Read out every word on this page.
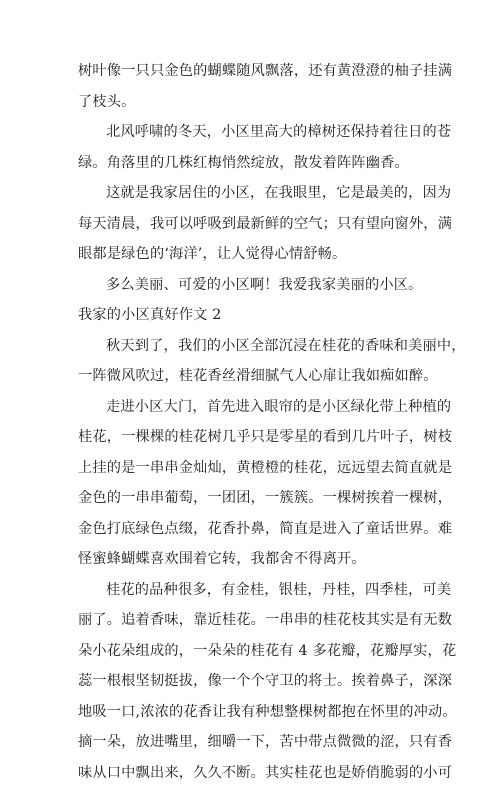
树叶像一只只金色的蝴蝶随风飘落，还有黄澄澄的柚子挂满
了枝头。
北风呼啸的冬天，小区里高大的樟树还保持着往日的苍
绿。角落里的几株红梅悄然绽放，散发着阵阵幽香。
这就是我家居住的小区，在我眼里，它是最美的，因为
每天清晨，我可以呼吸到最新鲜的空气；只有望向窗外，满
眼都是绿色的‘海洋’，让人觉得心情舒畅。
多么美丽、可爱的小区啊！我爱我家美丽的小区。
我家的小区真好作文 2
秋天到了，我们的小区全部沉浸在桂花的香味和美丽中，
一阵微风吹过，桂花香丝滑细腻气人心扉让我如痴如醉。
走进小区大门，首先进入眼帘的是小区绿化带上种植的
桂花，一棵棵的桂花树几乎只是零星的看到几片叶子，树枝
上挂的是一串串金灿灿，黄橙橙的桂花，远远望去简直就是
金色的一串串葡萄，一团团，一簇簇。一棵树挨着一棵树，
金色打底绿色点缀，花香扑鼻，简直是进入了童话世界。难
怪蜜蜂蝴蝶喜欢围着它转，我都舍不得离开。
桂花的品种很多，有金桂，银桂，丹桂，四季桂，可美
丽了。追着香味，靠近桂花。一串串的桂花枝其实是有无数
朵小花朵组成的，一朵朵的桂花有 4 多花瓣，花瓣厚实，花
蕊一根根坚韧挺拔，像一个个守卫的将士。挨着鼻子，深深
地吸一口,浓浓的花香让我有种想整棵树都抱在怀里的冲动。
摘一朵，放进嘴里，细嚼一下，苦中带点微微的涩，只有香
味从口中飘出来，久久不断。其实桂花也是娇俏脆弱的小可
